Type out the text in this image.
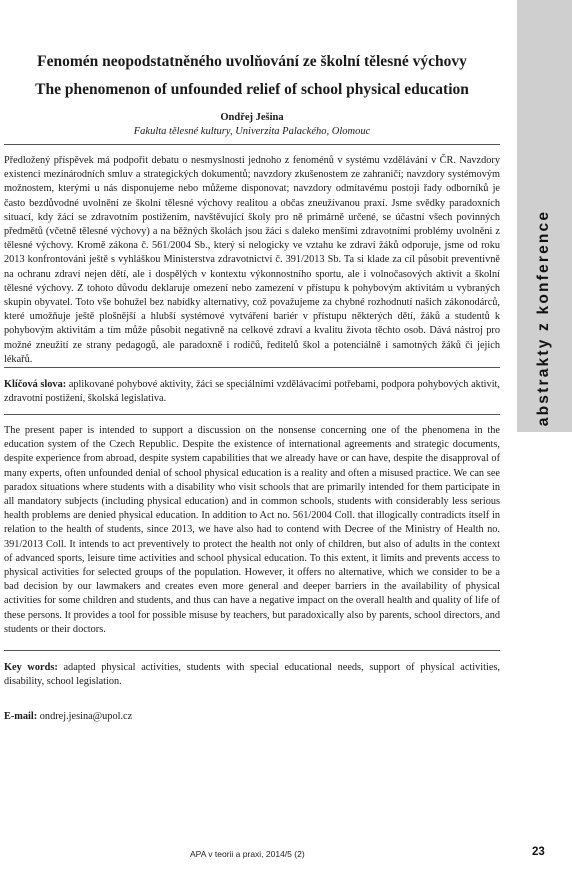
abstrakty z konference
Fenomén neopodstatněného uvolňování ze školní tělesné výchovy
The phenomenon of unfounded relief of school physical education
Ondřej Ješina
Fakulta tělesné kultury, Univerzita Palackého, Olomouc

Předložený příspěvek má podpořit debatu o nesmyslnosti jednoho z fenoménů v systému vzdělávání v ČR. Navzdory existenci mezinárodních smluv a strategických dokumentů; navzdory zkušenostem ze zahraničí; navzdory systémovým možnostem, kterými u nás disponujeme nebo můžeme disponovat; navzdory odmítavému postoji řady odborníků je často bezdůvodné uvolnění ze školní tělesné výchovy realitou a občas zneužívanou praxí. Jsme svědky paradoxních situací, kdy žáci se zdravotním postižením, navštěvující školy pro ně primárně určené, se účastní všech povinných předmětů (včetně tělesné výchovy) a na běžných školách jsou žáci s daleko menšími zdravotními problémy uvolněni z tělesné výchovy. Kromě zákona č. 561/2004 Sb., který si nelogicky ve vztahu ke zdraví žáků odporuje, jsme od roku 2013 konfrontováni ještě s vyhláškou Ministerstva zdravotnictví č. 391/2013 Sb. Ta si klade za cíl působit preventivně na ochranu zdraví nejen dětí, ale i dospělých v kontextu výkonnostního sportu, ale i volnočasových aktivit a školní tělesné výchovy. Z tohoto důvodu deklaruje omezení nebo zamezení v přístupu k pohybovým aktivitám u vybraných skupin obyvatel. Toto vše bohužel bez nabídky alternativy, což považujeme za chybné rozhodnutí našich zákonodárců, které umožňuje ještě plošnější a hlubší systémové vytváření bariér v přístupu některých dětí, žáků a studentů k pohybovým aktivitám a tím může působit negativně na celkové zdraví a kvalitu života těchto osob. Dává nástroj pro možné zneužití ze strany pedagogů, ale paradoxně i rodičů, ředitelů škol a potenciálně i samotných žáků či jejich lékařů.

Klíčová slova: aplikované pohybové aktivity, žáci se speciálními vzdělávacími potřebami, podpora pohybových aktivit, zdravotní postižení, školská legislativa.

The present paper is intended to support a discussion on the nonsense concerning one of the phenomena in the education system of the Czech Republic. Despite the existence of international agreements and strategic documents, despite experience from abroad, despite system capabilities that we already have or can have, despite the disapproval of many experts, often unfounded denial of school physical education is a reality and often a misused practice. We can see paradox situations where students with a disability who visit schools that are primarily intended for them participate in all mandatory subjects (including physical education) and in common schools, students with considerably less serious health problems are denied physical education. In addition to Act no. 561/2004 Coll. that illogically contradicts itself in relation to the health of students, since 2013, we have also had to contend with Decree of the Ministry of Health no. 391/2013 Coll. It intends to act preventively to protect the health not only of children, but also of adults in the context of advanced sports, leisure time activities and school physical education. To this extent, it limits and prevents access to physical activities for selected groups of the population. However, it offers no alternative, which we consider to be a bad decision by our lawmakers and creates even more general and deeper barriers in the availability of physical activities for some children and students, and thus can have a negative impact on the overall health and quality of life of these persons. It provides a tool for possible misuse by teachers, but paradoxically also by parents, school directors, and students or their doctors.

Key words: adapted physical activities, students with special educational needs, support of physical activities, disability, school legislation.

E-mail: ondrej.jesina@upol.cz

APA v teorii a praxi, 2014/5 (2)	23
